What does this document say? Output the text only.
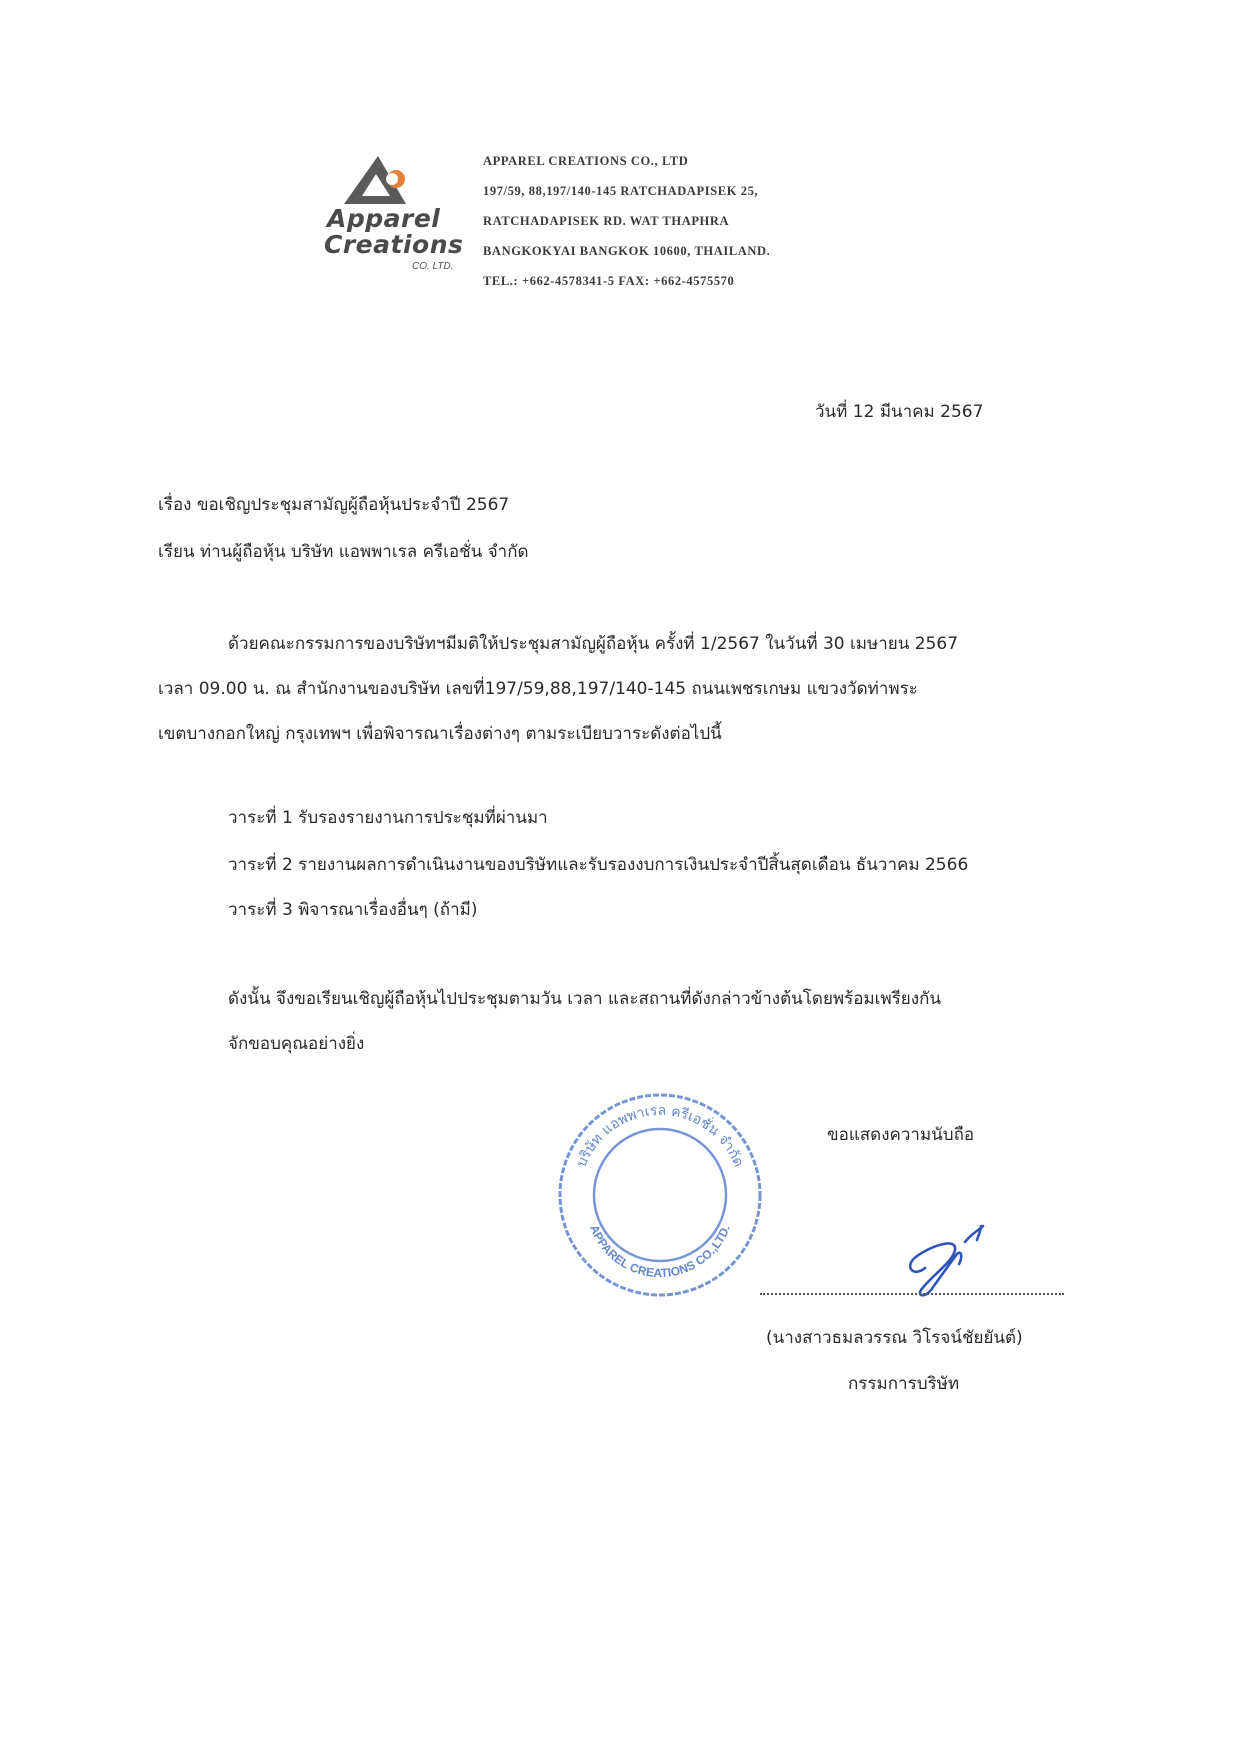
Apparel
Creations
CO. LTD.
APPAREL CREATIONS CO., LTD
197/59, 88,197/140-145 RATCHADAPISEK 25,
RATCHADAPISEK RD. WAT THAPHRA
BANGKOKYAI BANGKOK 10600, THAILAND.
TEL.: +662-4578341-5 FAX: +662-4575570
วันที่ 12 มีนาคม 2567
เรื่อง ขอเชิญประชุมสามัญผู้ถือหุ้นประจำปี 2567
เรียน ท่านผู้ถือหุ้น บริษัท แอพพาเรล ครีเอชั่น จำกัด
ด้วยคณะกรรมการของบริษัทฯมีมติให้ประชุมสามัญผู้ถือหุ้น ครั้งที่ 1/2567 ในวันที่ 30 เมษายน 2567
เวลา 09.00 น. ณ สำนักงานของบริษัท เลขที่197/59,88,197/140-145 ถนนเพชรเกษม แขวงวัดท่าพระ
เขตบางกอกใหญ่ กรุงเทพฯ เพื่อพิจารณาเรื่องต่างๆ ตามระเบียบวาระดังต่อไปนี้
วาระที่ 1 รับรองรายงานการประชุมที่ผ่านมา
วาระที่ 2 รายงานผลการดำเนินงานของบริษัทและรับรองงบการเงินประจำปีสิ้นสุดเดือน ธันวาคม 2566
วาระที่ 3 พิจารณาเรื่องอื่นๆ (ถ้ามี)
ดังนั้น จึงขอเรียนเชิญผู้ถือหุ้นไปประชุมตามวัน เวลา และสถานที่ดังกล่าวข้างต้นโดยพร้อมเพรียงกัน
จักขอบคุณอย่างยิ่ง
บริษัท แอพพาเรล ครีเอชั่น จำกัด
APPAREL CREATIONS CO.,LTD.
ขอแสดงความนับถือ
(นางสาวธมลวรรณ วิโรจน์ชัยยันต์)
กรรมการบริษัท
